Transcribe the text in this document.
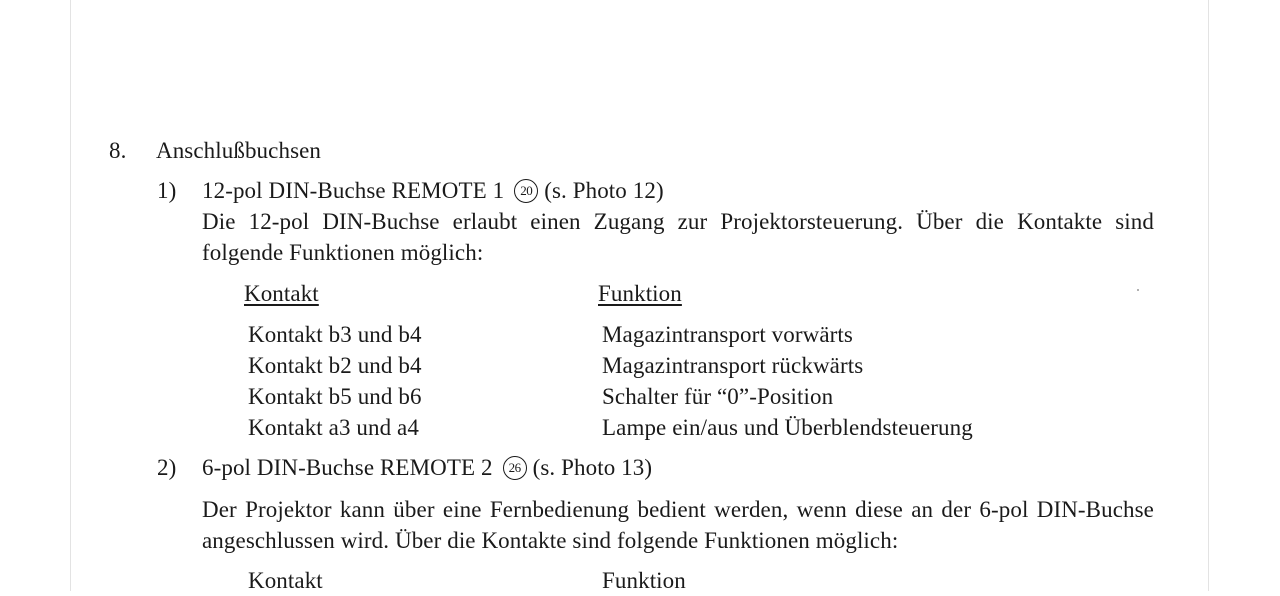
8. Anschlußbuchsen
1) 12-pol DIN-Buchse REMOTE 1 20 (s. Photo 12)
Die 12-pol DIN-Buchse erlaubt einen Zugang zur Projektorsteuerung. Über die Kontakte sind folgende Funktionen möglich:
Kontakt	Funktion
Kontakt b3 und b4	Magazintransport vorwärts
Kontakt b2 und b4	Magazintransport rückwärts
Kontakt b5 und b6	Schalter für “0”-Position
Kontakt a3 und a4	Lampe ein/aus und Überblendsteuerung
2) 6-pol DIN-Buchse REMOTE 2 26 (s. Photo 13)
Der Projektor kann über eine Fernbedienung bedient werden, wenn diese an der 6-pol DIN-Buchse angeschlussen wird. Über die Kontakte sind folgende Funktionen möglich:
Kontakt	Funktion
